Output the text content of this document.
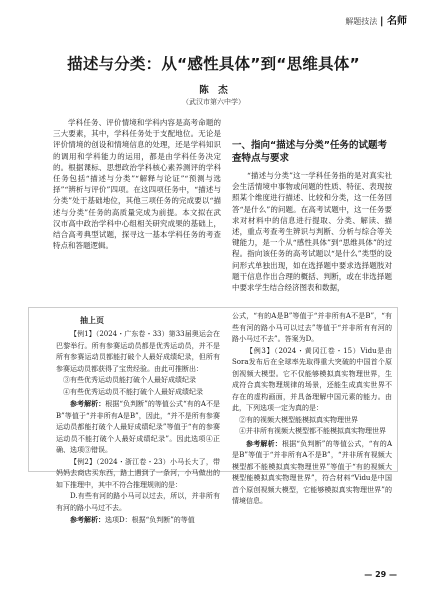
解题技法 | 名师
描述与分类：从“感性具体”到“思维具体”
陈　杰
（武汉市第六中学）

学科任务、评价情境和学科内容是高考命题的三大要素，其中，学科任务处于支配地位。无论是评价情境的创设和情境信息的处理，还是学科知识的调用和学科能力的运用，都是由学科任务决定的。根据课标、思想政治学科核心素养测评的学科任务包括“描述与分类”“解释与论证”“预测与选择”“辨析与评价”四项。在这四项任务中，“描述与分类”处于基础地位，其他三项任务的完成要以“描述与分类”任务的高质量完成为前提。本文拟在武汉市高中政治学科中心组相关研究成果的基础上，结合高考典型试题，探寻这一基本学科任务的考查特点和答题逻辑。

一、指向“描述与分类”任务的试题考查特点与要求

“描述与分类”这一学科任务指的是对真实社会生活情境中事物或问题的性质、特征、表现按照某个维度进行描述、比较和分类，这一任务回答“是什么”的问题。在高考试题中，这一任务要求对材料中的信息进行提取、分类、解读、描述，重点考查考生辨识与判断、分析与综合等关键能力，是一个从“感性具体”到“思维具体”的过程。指向该任务的高考试题以“是什么”类型的设问形式单独出现，如在选择题中要求选择题肢对题干信息作出合理的概括、判断，或在非选择题中要求学生结合经济图表和数据，

抽上页

【例1】（2024・广东卷・33）第33届奥运会在巴黎举行。所有参赛运动员都是优秀运动员，并不是所有参赛运动员都能打破个人最好成绩纪录，但所有参赛运动员都获得了宝贵经验。由此可推断出：

③有些优秀运动员能打破个人最好成绩纪录

④有些优秀运动员不能打破个人最好成绩纪录

参考解析：根据“负判断”的等值公式“有的A不是B”等值于“并非所有A是B”，因此，“并不是所有参赛运动员都能打破个人最好成绩纪录”等值于“有的参赛运动员不能打破个人最好成绩纪录”。因此选项④正确、选项③错误。

【例2】（2024・浙江卷・23）小马长大了，带妈妈去商店买东西，路上遇到了一条河，小马做出的如下推理中，其中不符合推理规则的是：

D.有些有河的路小马可以过去，所以，并非所有有河的路小马过不去。

参考解析：选项D：根据“负判断”的等值

公式，“有的A是B”等值于“并非所有A不是B”，“有些有河的路小马可以过去”等值于“并非所有有河的路小马过不去”。答案为D。

【例3】（2024・黄冈江卷・15）Vidu是由Sora发布后在全球率先取得重大突破的中国首个原创视频大模型。它不仅能够模拟真实物理世界，生成符合真实物理规律的场景，还能生成真实世界不存在的虚构画面，并具备理解中国元素的能力。由此，下列选项一定为真的是：

②有的视频大模型能模拟真实物理世界

④并非所有视频大模型都不能模拟真实物理世界

参考解析：根据“负判断”的等值公式，“有的A是B”等值于“并非所有A不是B”，“并非所有视频大模型都不能模拟真实物理世界”等值于“有的视频大模型能模拟真实物理世界”，符合材料“Vidu是中国首个原创视频大模型，它能够模拟真实物理世界”的情境信息。

— 29 —
